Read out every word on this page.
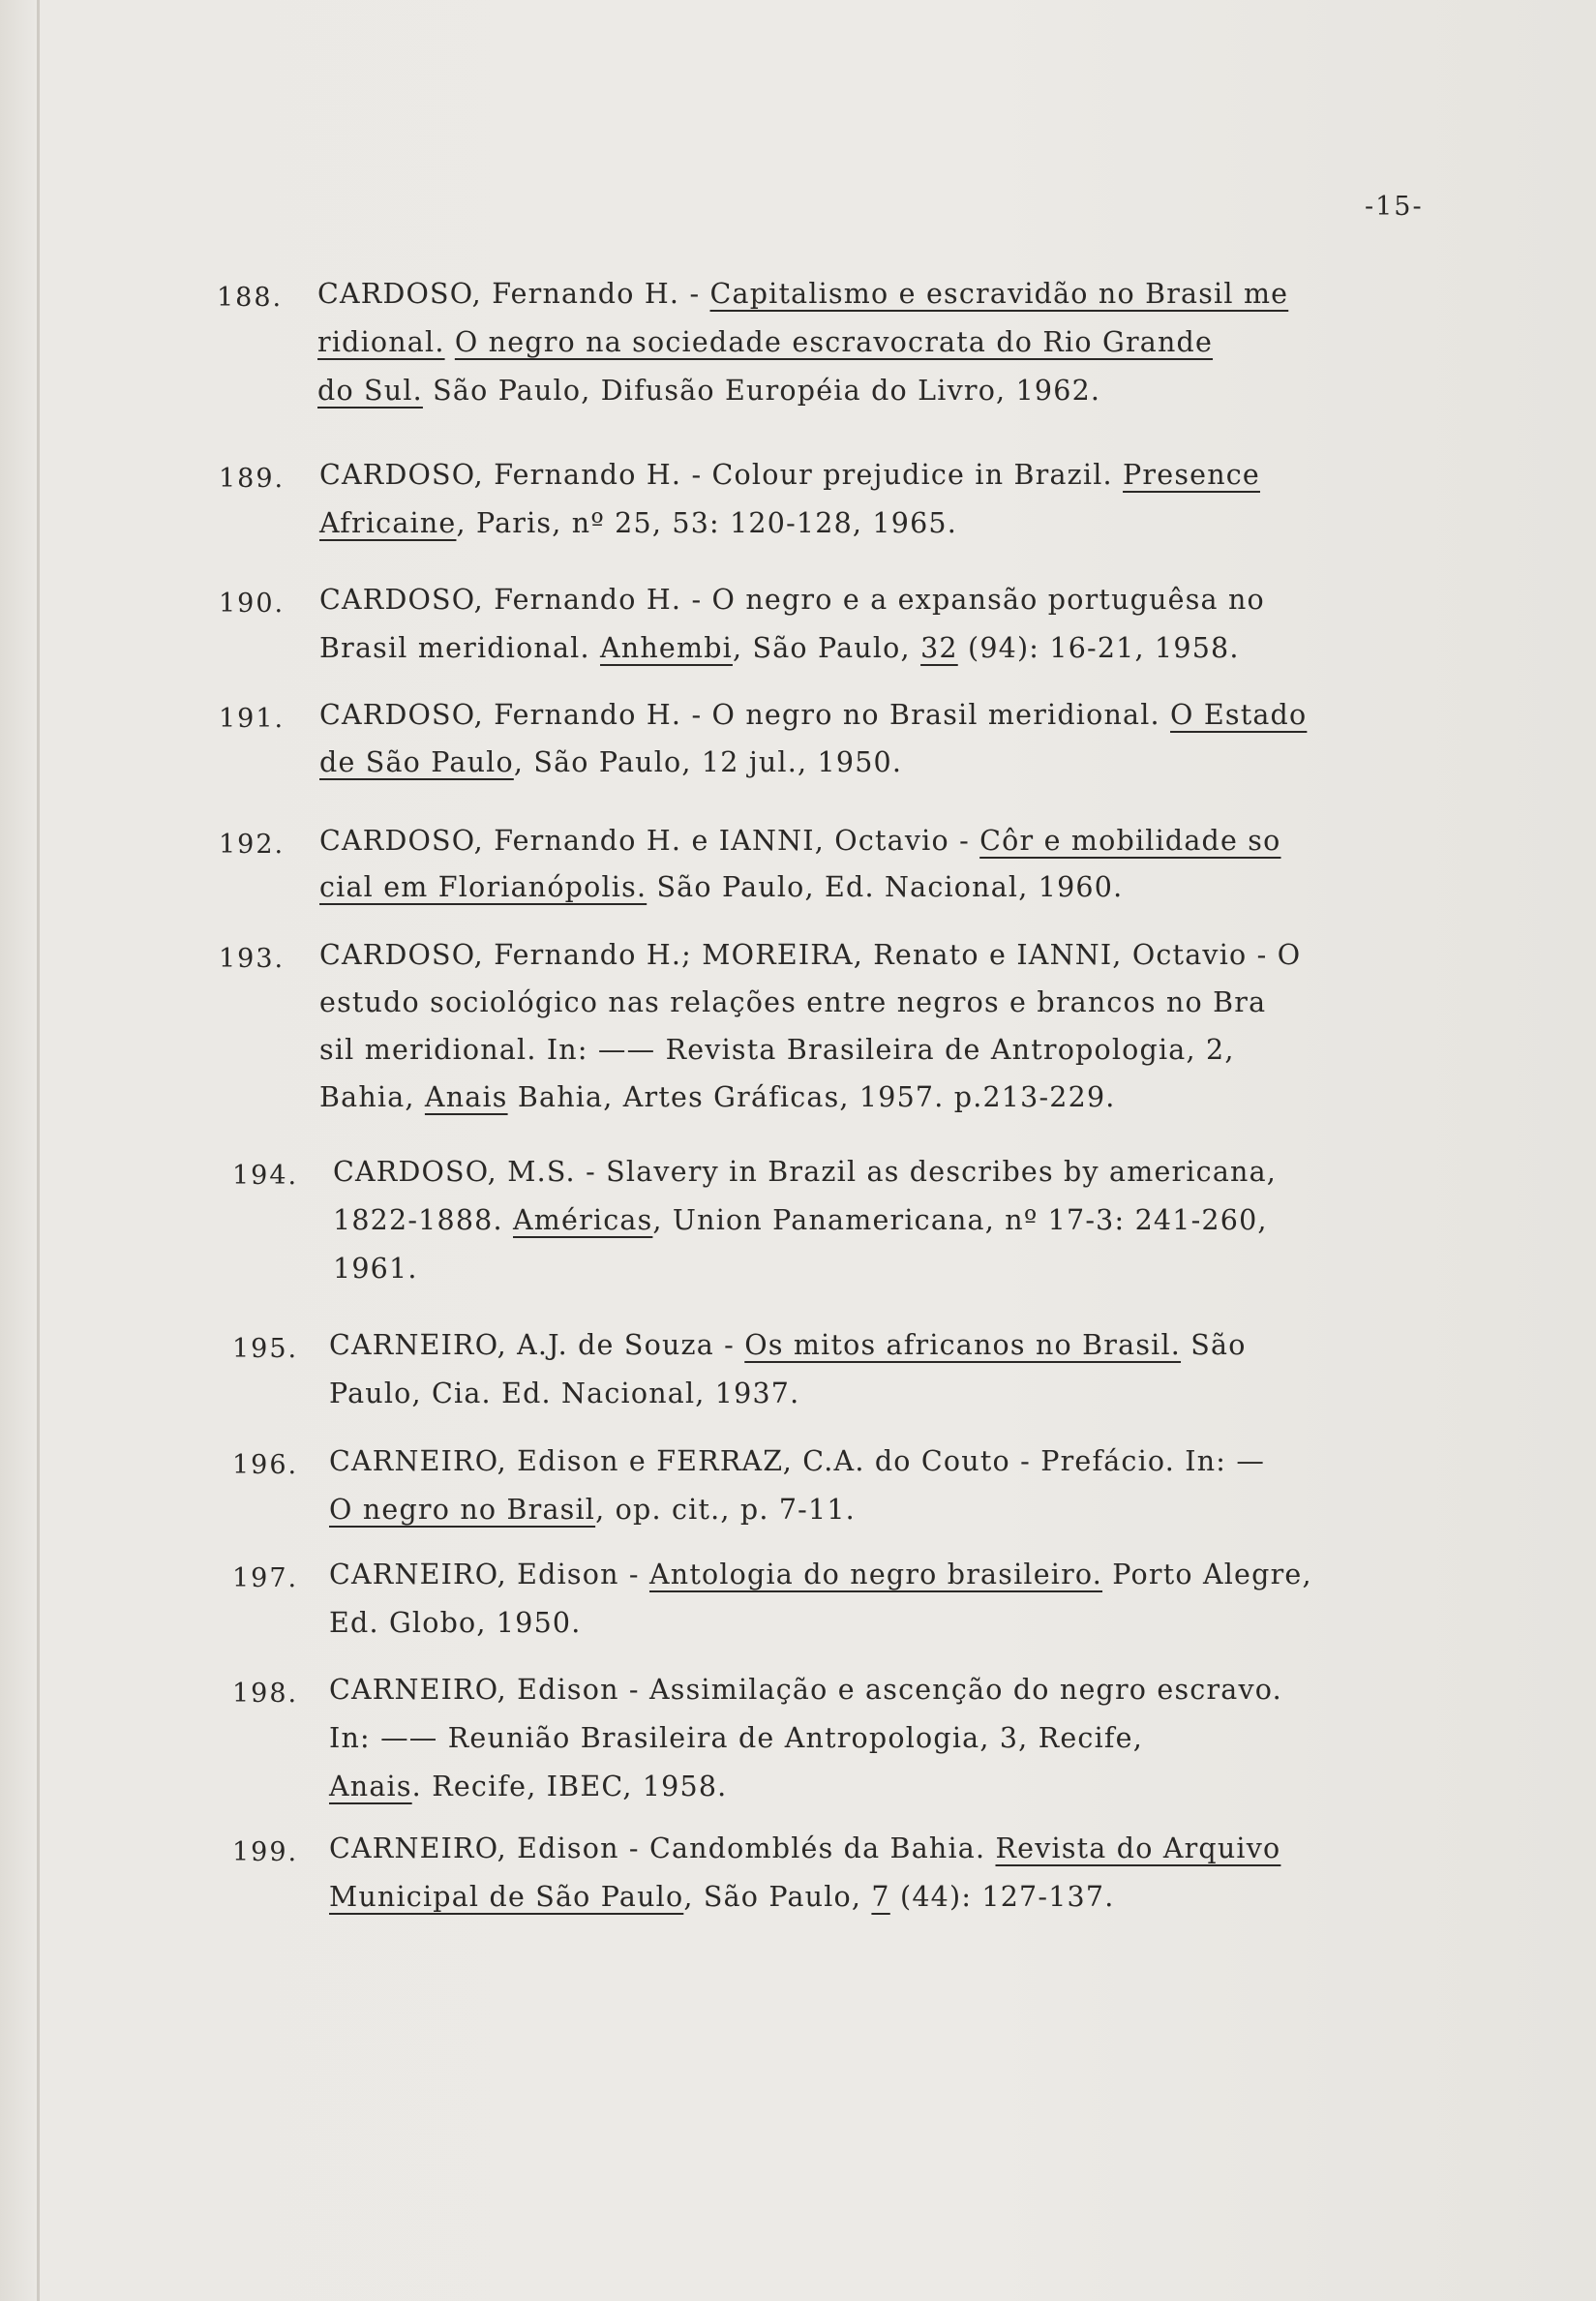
-15-
188.	CARDOSO, Fernando H. - Capitalismo e escravidão no Brasil me
ridional. O negro na sociedade escravocrata do Rio Grande
do Sul. São Paulo, Difusão Européia do Livro, 1962.
189.	CARDOSO, Fernando H. - Colour prejudice in Brazil. Presence
Africaine, Paris, nº 25, 53: 120-128, 1965.
190.	CARDOSO, Fernando H. - O negro e a expansão portuguêsa no
Brasil meridional. Anhembi, São Paulo, 32 (94): 16-21, 1958.
191.	CARDOSO, Fernando H. - O negro no Brasil meridional. O Estado
de São Paulo, São Paulo, 12 jul., 1950.
192.	CARDOSO, Fernando H. e IANNI, Octavio - Côr e mobilidade so
cial em Florianópolis. São Paulo, Ed. Nacional, 1960.
193.	CARDOSO, Fernando H.; MOREIRA, Renato e IANNI, Octavio - O
estudo sociológico nas relações entre negros e brancos no Bra
sil meridional. In: —— Revista Brasileira de Antropologia, 2,
Bahia, Anais Bahia, Artes Gráficas, 1957. p.213-229.
194.	CARDOSO, M.S. - Slavery in Brazil as describes by americana,
1822-1888. Américas, Union Panamericana, nº 17-3: 241-260,
1961.
195.	CARNEIRO, A.J. de Souza - Os mitos africanos no Brasil. São
Paulo, Cia. Ed. Nacional, 1937.
196.	CARNEIRO, Edison e FERRAZ, C.A. do Couto - Prefácio. In: —
O negro no Brasil, op. cit., p. 7-11.
197.	CARNEIRO, Edison - Antologia do negro brasileiro. Porto Alegre,
Ed. Globo, 1950.
198.	CARNEIRO, Edison - Assimilação e ascenção do negro escravo.
In: —— Reunião Brasileira de Antropologia, 3, Recife,
Anais. Recife, IBEC, 1958.
199.	CARNEIRO, Edison - Candomblés da Bahia. Revista do Arquivo
Municipal de São Paulo, São Paulo, 7 (44): 127-137.
